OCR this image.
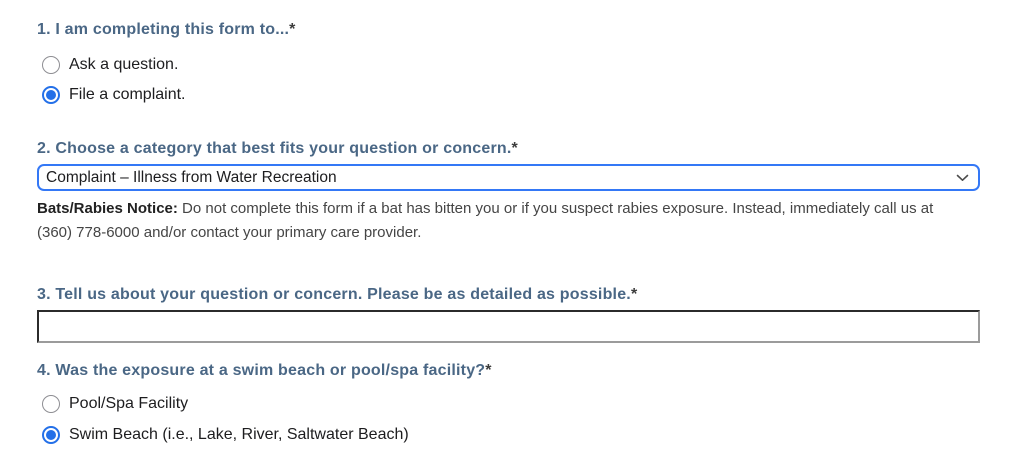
1. I am completing this form to...*
Ask a question.
File a complaint.
2. Choose a category that best fits your question or concern.*
Complaint – Illness from Water Recreation

Bats/Rabies Notice: Do not complete this form if a bat has bitten you or if you suspect rabies exposure. Instead, immediately call us at
(360) 778-6000 and/or contact your primary care provider.

3. Tell us about your question or concern. Please be as detailed as possible.*
4. Was the exposure at a swim beach or pool/spa facility?*
Pool/Spa Facility
Swim Beach (i.e., Lake, River, Saltwater Beach)
